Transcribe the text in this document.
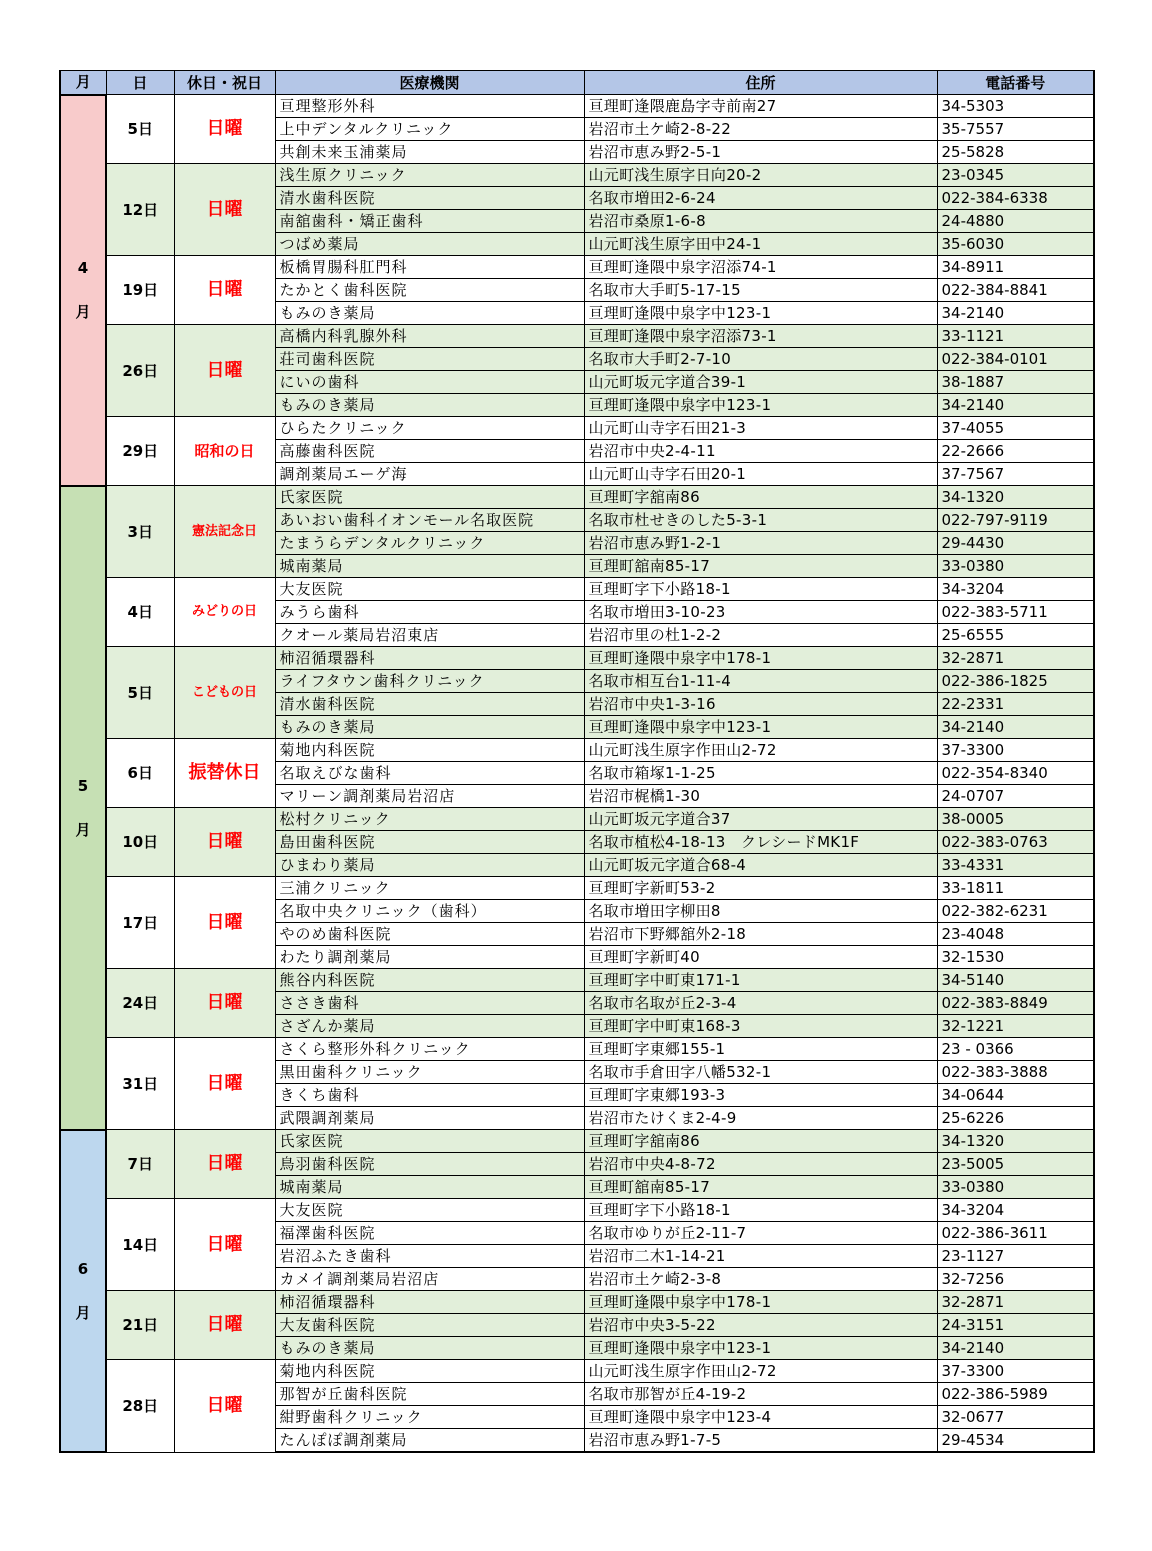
月	日	休日・祝日	医療機関	住所	電話番号
4

月	5日	日曜	亘理整形外科	亘理町逢隈鹿島字寺前南27	34-5303
			上中デンタルクリニック	岩沼市土ケ崎2-8-22	35-7557
			共創未来玉浦薬局	岩沼市恵み野2-5-1	25-5828
	12日	日曜	浅生原クリニック	山元町浅生原字日向20-2	23-0345
			清水歯科医院	名取市増田2-6-24	022-384-6338
			南舘歯科・矯正歯科	岩沼市桑原1-6-8	24-4880
			つばめ薬局	山元町浅生原字田中24-1	35-6030
	19日	日曜	板橋胃腸科肛門科	亘理町逢隈中泉字沼添74-1	34-8911
			たかとく歯科医院	名取市大手町5-17-15	022-384-8841
			もみのき薬局	亘理町逢隈中泉字中123-1	34-2140
	26日	日曜	高橋内科乳腺外科	亘理町逢隈中泉字沼添73-1	33-1121
			荘司歯科医院	名取市大手町2-7-10	022-384-0101
			にいの歯科	山元町坂元字道合39-1	38-1887
			もみのき薬局	亘理町逢隈中泉字中123-1	34-2140
	29日	昭和の日	ひらたクリニック	山元町山寺字石田21-3	37-4055
			高藤歯科医院	岩沼市中央2-4-11	22-2666
			調剤薬局エーゲ海	山元町山寺字石田20-1	37-7567
5

月	3日	憲法記念日	氏家医院	亘理町字舘南86	34-1320
			あいおい歯科イオンモール名取医院	名取市杜せきのした5-3-1	022-797-9119
			たまうらデンタルクリニック	岩沼市恵み野1-2-1	29-4430
			城南薬局	亘理町舘南85-17	33-0380
	4日	みどりの日	大友医院	亘理町字下小路18-1	34-3204
			みうら歯科	名取市増田3-10-23	022-383-5711
			クオール薬局岩沼東店	岩沼市里の杜1-2-2	25-6555
	5日	こどもの日	柿沼循環器科	亘理町逢隈中泉字中178-1	32-2871
			ライフタウン歯科クリニック	名取市相互台1-11-4	022-386-1825
			清水歯科医院	岩沼市中央1-3-16	22-2331
			もみのき薬局	亘理町逢隈中泉字中123-1	34-2140
	6日	振替休日	菊地内科医院	山元町浅生原字作田山2-72	37-3300
			名取えびな歯科	名取市箱塚1-1-25	022-354-8340
			マリーン調剤薬局岩沼店	岩沼市梶橋1-30	24-0707
	10日	日曜	松村クリニック	山元町坂元字道合37	38-0005
			島田歯科医院	名取市植松4-18-13　クレシードMK1F	022-383-0763
			ひまわり薬局	山元町坂元字道合68-4	33-4331
	17日	日曜	三浦クリニック	亘理町字新町53-2	33-1811
			名取中央クリニック（歯科）	名取市増田字柳田8	022-382-6231
			やのめ歯科医院	岩沼市下野郷舘外2-18	23-4048
			わたり調剤薬局	亘理町字新町40	32-1530
	24日	日曜	熊谷内科医院	亘理町字中町東171-1	34-5140
			ささき歯科	名取市名取が丘2-3-4	022-383-8849
			さざんか薬局	亘理町字中町東168-3	32-1221
	31日	日曜	さくら整形外科クリニック	亘理町字東郷155-1	23 - 0366
			黒田歯科クリニック	名取市手倉田字八幡532-1	022-383-3888
			きくち歯科	亘理町字東郷193-3	34-0644
			武隈調剤薬局	岩沼市たけくま2-4-9	25-6226
6

月	7日	日曜	氏家医院	亘理町字舘南86	34-1320
			鳥羽歯科医院	岩沼市中央4-8-72	23-5005
			城南薬局	亘理町舘南85-17	33-0380
	14日	日曜	大友医院	亘理町字下小路18-1	34-3204
			福澤歯科医院	名取市ゆりが丘2-11-7	022-386-3611
			岩沼ふたき歯科	岩沼市二木1-14-21	23-1127
			カメイ調剤薬局岩沼店	岩沼市土ケ崎2-3-8	32-7256
	21日	日曜	柿沼循環器科	亘理町逢隈中泉字中178-1	32-2871
			大友歯科医院	岩沼市中央3-5-22	24-3151
			もみのき薬局	亘理町逢隈中泉字中123-1	34-2140
	28日	日曜	菊地内科医院	山元町浅生原字作田山2-72	37-3300
			那智が丘歯科医院	名取市那智が丘4-19-2	022-386-5989
			紺野歯科クリニック	亘理町逢隈中泉字中123-4	32-0677
			たんぽぽ調剤薬局	岩沼市恵み野1-7-5	29-4534
